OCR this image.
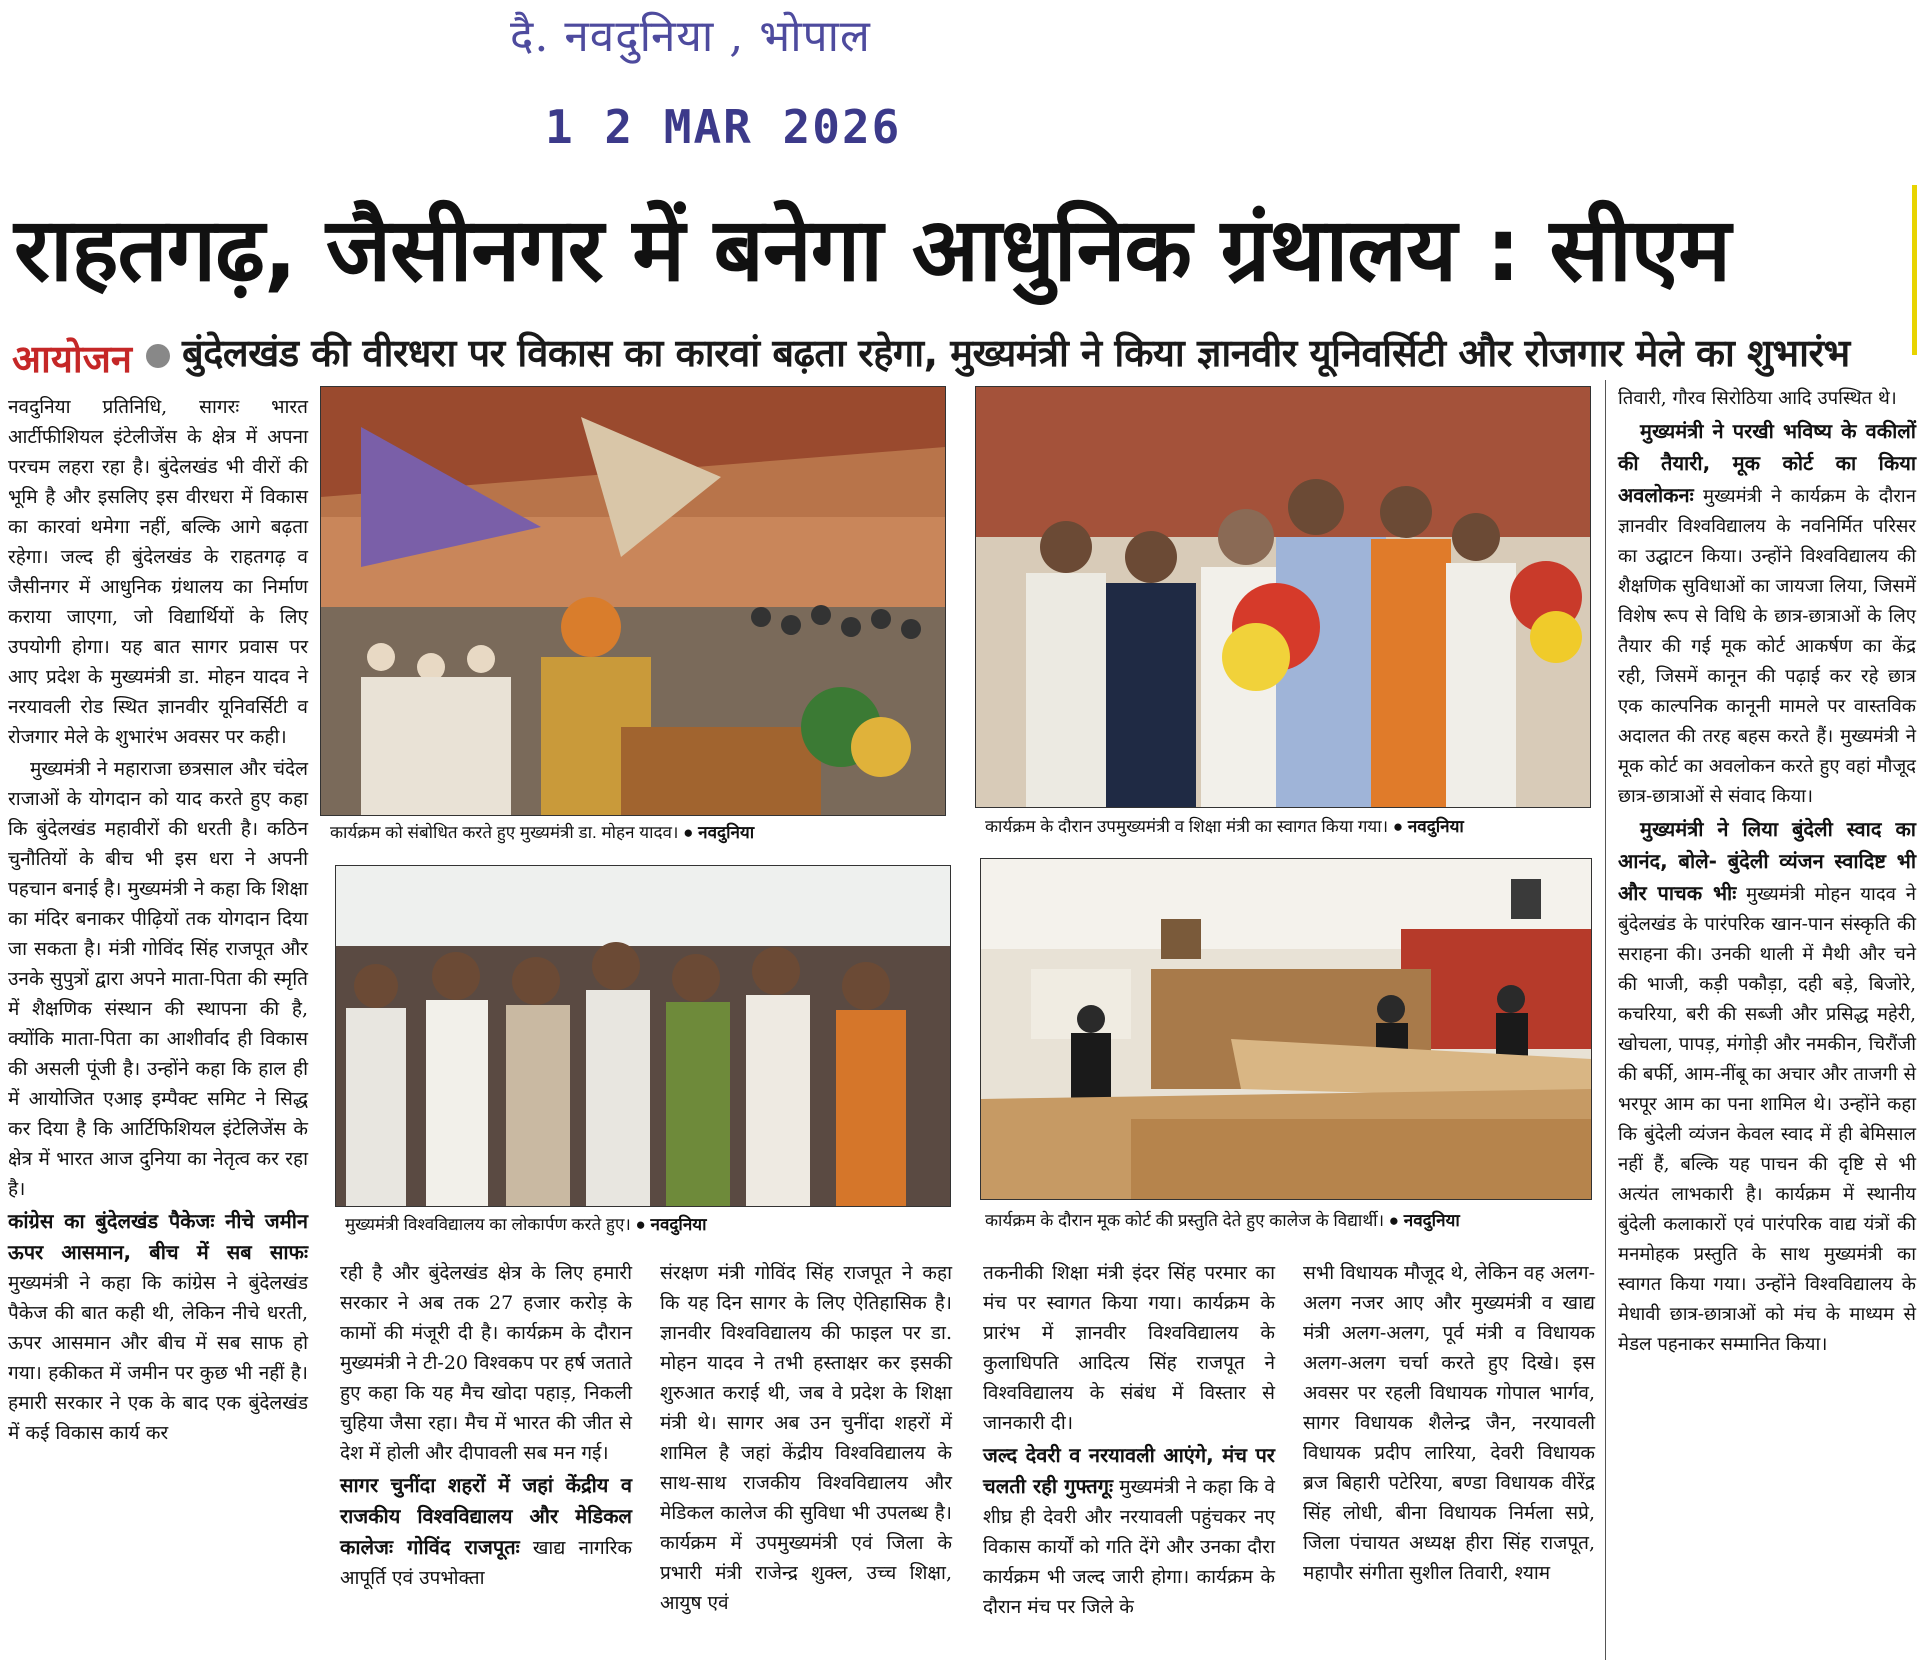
दै. नवदुनिया , भोपाल
1 2 MAR 2026
राहतगढ़, जैसीनगर में बनेगा आधुनिक ग्रंथालय : सीएम
आयोजन बुंदेलखंड की वीरधरा पर विकास का कारवां बढ़ता रहेगा, मुख्यमंत्री ने किया ज्ञानवीर यूनिवर्सिटी और रोजगार मेले का शुभारंभ
कार्यक्रम को संबोधित करते हुए मुख्यमंत्री डा. मोहन यादव। ● नवदुनिया	कार्यक्रम के दौरान उपमुख्यमंत्री व शिक्षा मंत्री का स्वागत किया गया। ● नवदुनिया
मुख्यमंत्री विश्वविद्यालय का लोकार्पण करते हुए। ● नवदुनिया	कार्यक्रम के दौरान मूक कोर्ट की प्रस्तुति देते हुए कालेज के विद्यार्थी। ● नवदुनिया

नवदुनिया प्रतिनिधि, सागरः भारत आर्टीफीशियल इंटेलीजेंस के क्षेत्र में अपना परचम लहरा रहा है। बुंदेलखंड भी वीरों की भूमि है और इसलिए इस वीरधरा में विकास का कारवां थमेगा नहीं, बल्कि आगे बढ़ता रहेगा। जल्द ही बुंदेलखंड के राहतगढ़ व जैसीनगर में आधुनिक ग्रंथालय का निर्माण कराया जाएगा, जो विद्यार्थियों के लिए उपयोगी होगा। यह बात सागर प्रवास पर आए प्रदेश के मुख्यमंत्री डा. मोहन यादव ने नरयावली रोड स्थित ज्ञानवीर यूनिवर्सिटी व रोजगार मेले के शुभारंभ अवसर पर कही।

मुख्यमंत्री ने महाराजा छत्रसाल और चंदेल राजाओं के योगदान को याद करते हुए कहा कि बुंदेलखंड महावीरों की धरती है। कठिन चुनौतियों के बीच भी इस धरा ने अपनी पहचान बनाई है। मुख्यमंत्री ने कहा कि शिक्षा का मंदिर बनाकर पीढ़ियों तक योगदान दिया जा सकता है। मंत्री गोविंद सिंह राजपूत और उनके सुपुत्रों द्वारा अपने माता-पिता की स्मृति में शैक्षणिक संस्थान की स्थापना की है, क्योंकि माता-पिता का आशीर्वाद ही विकास की असली पूंजी है। उन्होंने कहा कि हाल ही में आयोजित एआइ इम्पैक्ट समिट ने सिद्ध कर दिया है कि आर्टिफिशियल इंटेलिजेंस के क्षेत्र में भारत आज दुनिया का नेतृत्व कर रहा है।

कांग्रेस का बुंदेलखंड पैकेजः नीचे जमीन ऊपर आसमान, बीच में सब साफः मुख्यमंत्री ने कहा कि कांग्रेस ने बुंदेलखंड पैकेज की बात कही थी, लेकिन नीचे धरती, ऊपर आसमान और बीच में सब साफ हो गया। हकीकत में जमीन पर कुछ भी नहीं है। हमारी सरकार ने एक के बाद एक बुंदेलखंड में कई विकास कार्य कर

रही है और बुंदेलखंड क्षेत्र के लिए हमारी सरकार ने अब तक 27 हजार करोड़ के कामों की मंजूरी दी है। कार्यक्रम के दौरान मुख्यमंत्री ने टी-20 विश्वकप पर हर्ष जताते हुए कहा कि यह मैच खोदा पहाड़, निकली चुहिया जैसा रहा। मैच में भारत की जीत से देश में होली और दीपावली सब मन गई।

सागर चुनींदा शहरों में जहां केंद्रीय व राजकीय विश्वविद्यालय और मेडिकल कालेजः गोविंद राजपूतः खाद्य नागरिक आपूर्ति एवं उपभोक्ता

संरक्षण मंत्री गोविंद सिंह राजपूत ने कहा कि यह दिन सागर के लिए ऐतिहासिक है। ज्ञानवीर विश्वविद्यालय की फाइल पर डा. मोहन यादव ने तभी हस्ताक्षर कर इसकी शुरुआत कराई थी, जब वे प्रदेश के शिक्षा मंत्री थे। सागर अब उन चुनींदा शहरों में शामिल है जहां केंद्रीय विश्वविद्यालय के साथ-साथ राजकीय विश्वविद्यालय और मेडिकल कालेज की सुविधा भी उपलब्ध है। कार्यक्रम में उपमुख्यमंत्री एवं जिला के प्रभारी मंत्री राजेन्द्र शुक्ल, उच्च शिक्षा, आयुष एवं

तकनीकी शिक्षा मंत्री इंदर सिंह परमार का मंच पर स्वागत किया गया। कार्यक्रम के प्रारंभ में ज्ञानवीर विश्वविद्यालय के कुलाधिपति आदित्य सिंह राजपूत ने विश्वविद्यालय के संबंध में विस्तार से जानकारी दी।

जल्द देवरी व नरयावली आएंगे, मंच पर चलती रही गुफ्तगूः मुख्यमंत्री ने कहा कि वे शीघ्र ही देवरी और नरयावली पहुंचकर नए विकास कार्यों को गति देंगे और उनका दौरा कार्यक्रम भी जल्द जारी होगा। कार्यक्रम के दौरान मंच पर जिले के

सभी विधायक मौजूद थे, लेकिन वह अलग-अलग नजर आए और मुख्यमंत्री व खाद्य मंत्री अलग-अलग, पूर्व मंत्री व विधायक अलग-अलग चर्चा करते हुए दिखे। इस अवसर पर रहली विधायक गोपाल भार्गव, सागर विधायक शैलेन्द्र जैन, नरयावली विधायक प्रदीप लारिया, देवरी विधायक ब्रज बिहारी पटेरिया, बण्डा विधायक वीरेंद्र सिंह लोधी, बीना विधायक निर्मला सप्रे, जिला पंचायत अध्यक्ष हीरा सिंह राजपूत, महापौर संगीता सुशील तिवारी, श्याम

तिवारी, गौरव सिरोठिया आदि उपस्थित थे।

मुख्यमंत्री ने परखी भविष्य के वकीलों की तैयारी, मूक कोर्ट का किया अवलोकनः मुख्यमंत्री ने कार्यक्रम के दौरान ज्ञानवीर विश्वविद्यालय के नवनिर्मित परिसर का उद्घाटन किया। उन्होंने विश्वविद्यालय की शैक्षणिक सुविधाओं का जायजा लिया, जिसमें विशेष रूप से विधि के छात्र-छात्राओं के लिए तैयार की गई मूक कोर्ट आकर्षण का केंद्र रही, जिसमें कानून की पढ़ाई कर रहे छात्र एक काल्पनिक कानूनी मामले पर वास्तविक अदालत की तरह बहस करते हैं। मुख्यमंत्री ने मूक कोर्ट का अवलोकन करते हुए वहां मौजूद छात्र-छात्राओं से संवाद किया।

मुख्यमंत्री ने लिया बुंदेली स्वाद का आनंद, बोले- बुंदेली व्यंजन स्वादिष्ट भी और पाचक भीः मुख्यमंत्री मोहन यादव ने बुंदेलखंड के पारंपरिक खान-पान संस्कृति की सराहना की। उनकी थाली में मैथी और चने की भाजी, कड़ी पकौड़ा, दही बड़े, बिजोरे, कचरिया, बरी की सब्जी और प्रसिद्ध महेरी, खोचला, पापड़, मंगोड़ी और नमकीन, चिरौंजी की बर्फी, आम-नींबू का अचार और ताजगी से भरपूर आम का पना शामिल थे। उन्होंने कहा कि बुंदेली व्यंजन केवल स्वाद में ही बेमिसाल नहीं हैं, बल्कि यह पाचन की दृष्टि से भी अत्यंत लाभकारी है। कार्यक्रम में स्थानीय बुंदेली कलाकारों एवं पारंपरिक वाद्य यंत्रों की मनमोहक प्रस्तुति के साथ मुख्यमंत्री का स्वागत किया गया। उन्होंने विश्वविद्यालय के मेधावी छात्र-छात्राओं को मंच के माध्यम से मेडल पहनाकर सम्मानित किया।
